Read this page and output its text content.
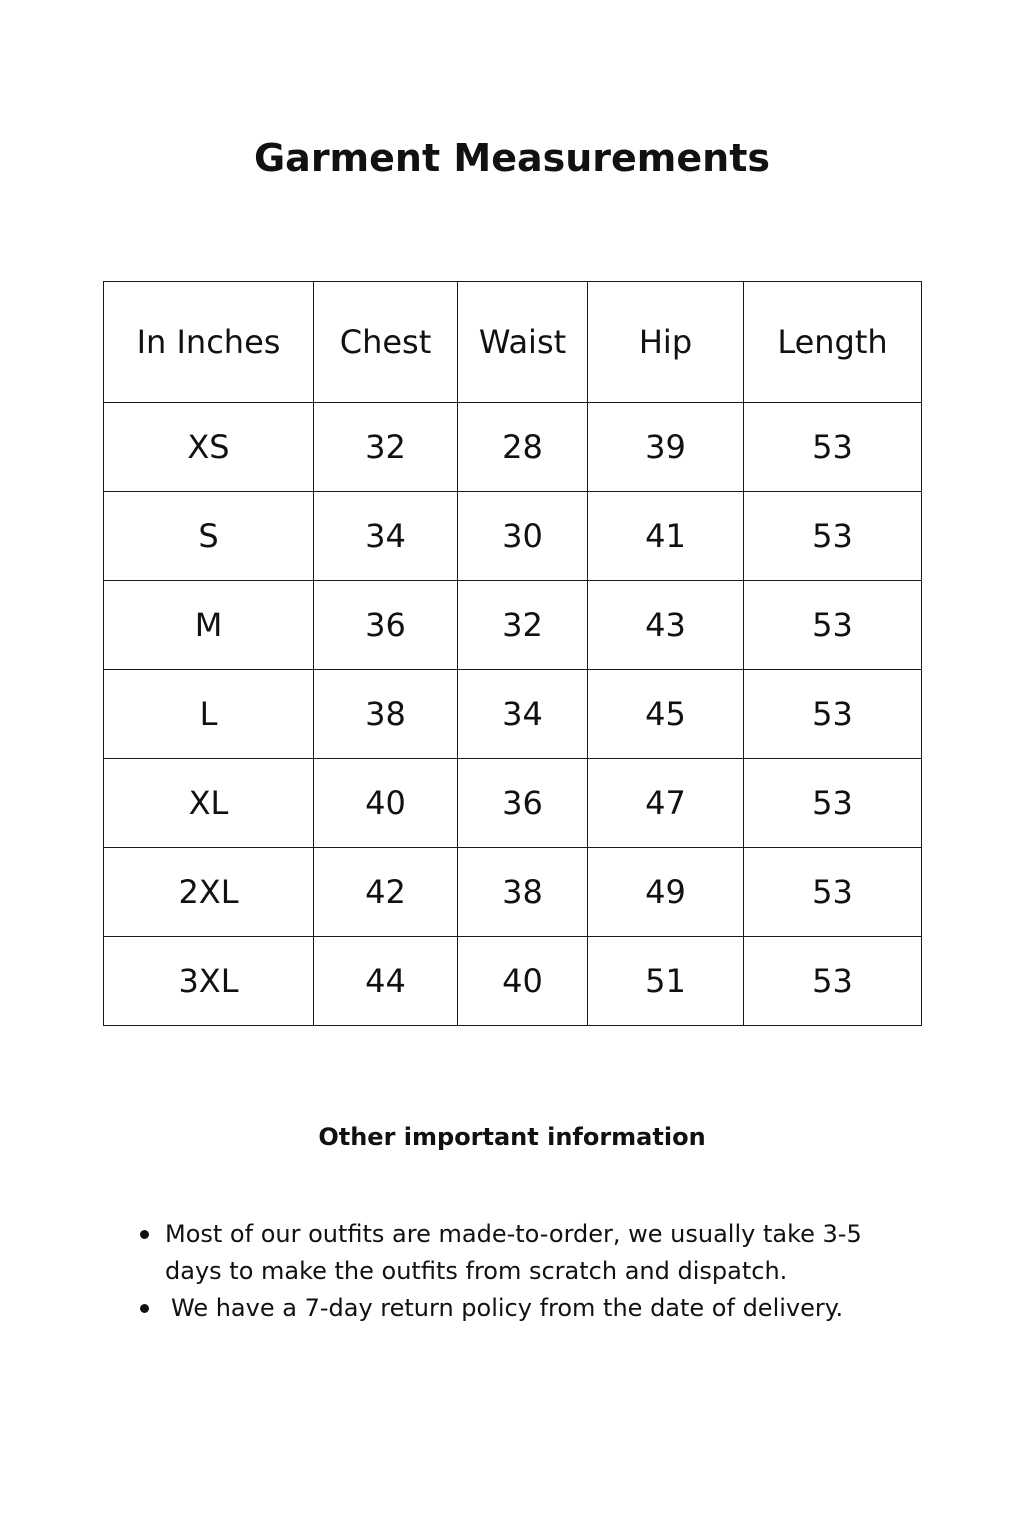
Garment Measurements
In Inches	Chest	Waist	Hip	Length
XS	32	28	39	53
S	34	30	41	53
M	36	32	43	53
L	38	34	45	53
XL	40	36	47	53
2XL	42	38	49	53
3XL	44	40	51	53
Other important information
Most of our outfits are made-to-order, we usually take 3-5 days to make the outfits from scratch and dispatch.
We have a 7-day return policy from the date of delivery.
